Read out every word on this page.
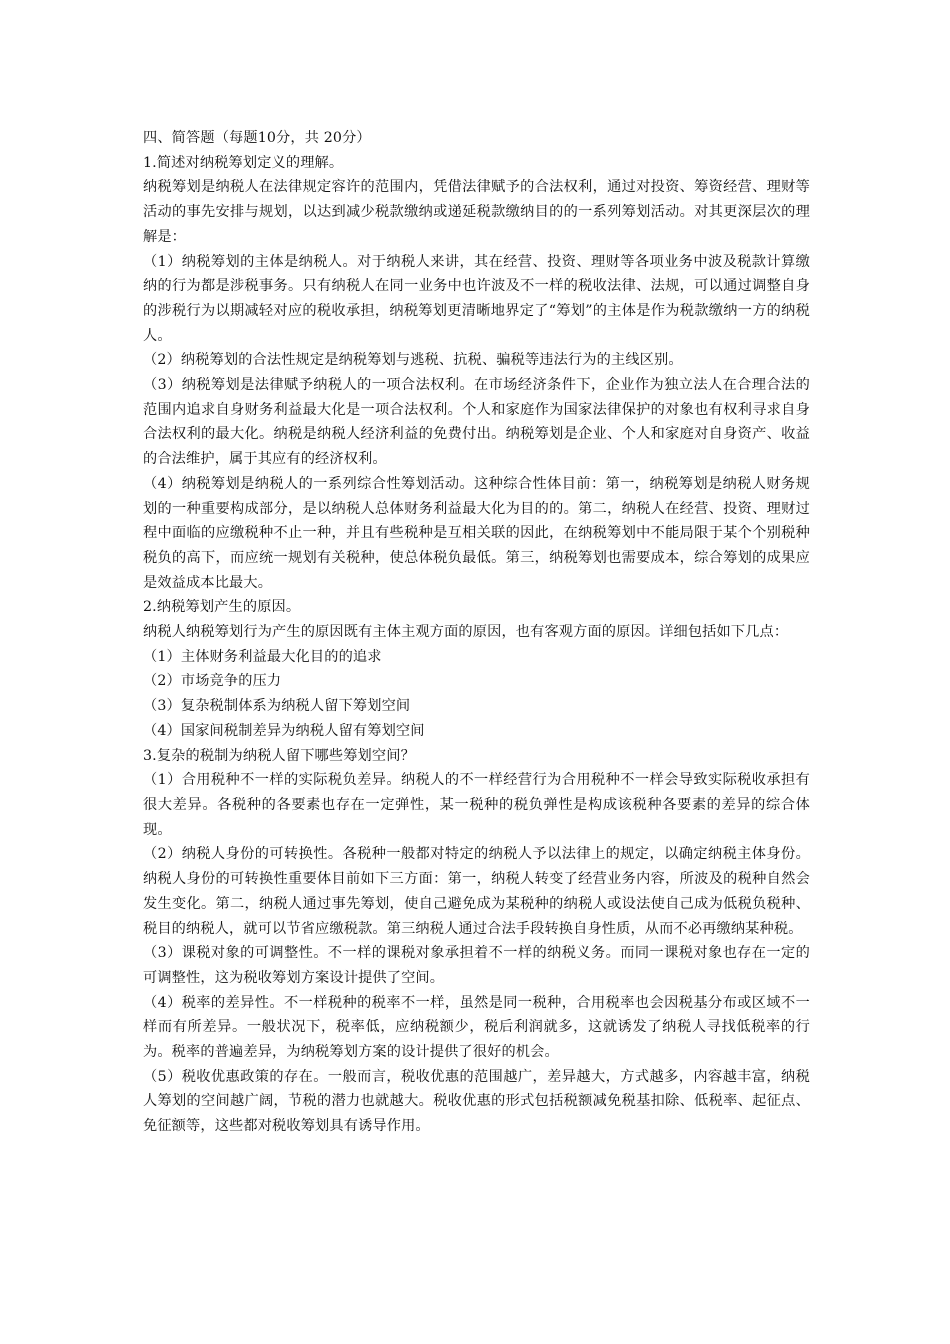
四、简答题（每题10分，共 20分）

1.简述对纳税筹划定义的理解。

纳税筹划是纳税人在法律规定容许的范围内，凭借法律赋予的合法权利，通过对投资、筹资经营、理财等活动的事先安排与规划，以达到减少税款缴纳或递延税款缴纳目的的一系列筹划活动。对其更深层次的理解是：

（1）纳税筹划的主体是纳税人。对于纳税人来讲，其在经营、投资、理财等各项业务中波及税款计算缴纳的行为都是涉税事务。只有纳税人在同一业务中也许波及不一样的税收法律、法规，可以通过调整自身的涉税行为以期减轻对应的税收承担，纳税筹划更清晰地界定了“筹划”的主体是作为税款缴纳一方的纳税人。

（2）纳税筹划的合法性规定是纳税筹划与逃税、抗税、骗税等违法行为的主线区别。

（3）纳税筹划是法律赋予纳税人的一项合法权利。在市场经济条件下，企业作为独立法人在合理合法的范围内追求自身财务利益最大化是一项合法权利。个人和家庭作为国家法律保护的对象也有权利寻求自身合法权利的最大化。纳税是纳税人经济利益的免费付出。纳税筹划是企业、个人和家庭对自身资产、收益的合法维护，属于其应有的经济权利。

（4）纳税筹划是纳税人的一系列综合性筹划活动。这种综合性体目前：第一，纳税筹划是纳税人财务规划的一种重要构成部分，是以纳税人总体财务利益最大化为目的的。第二，纳税人在经营、投资、理财过程中面临的应缴税种不止一种，并且有些税种是互相关联的因此，在纳税筹划中不能局限于某个个别税种税负的高下，而应统一规划有关税种，使总体税负最低。第三，纳税筹划也需要成本，综合筹划的成果应是效益成本比最大。

2.纳税筹划产生的原因。

纳税人纳税筹划行为产生的原因既有主体主观方面的原因，也有客观方面的原因。详细包括如下几点：

（1）主体财务利益最大化目的的追求

（2）市场竞争的压力

（3）复杂税制体系为纳税人留下筹划空间

（4）国家间税制差异为纳税人留有筹划空间

3.复杂的税制为纳税人留下哪些筹划空间？

（1）合用税种不一样的实际税负差异。纳税人的不一样经营行为合用税种不一样会导致实际税收承担有很大差异。各税种的各要素也存在一定弹性，某一税种的税负弹性是构成该税种各要素的差异的综合体现。

（2）纳税人身份的可转换性。各税种一般都对特定的纳税人予以法律上的规定，以确定纳税主体身份。纳税人身份的可转换性重要体目前如下三方面：第一，纳税人转变了经营业务内容，所波及的税种自然会发生变化。第二，纳税人通过事先筹划，使自己避免成为某税种的纳税人或设法使自己成为低税负税种、税目的纳税人，就可以节省应缴税款。第三纳税人通过合法手段转换自身性质，从而不必再缴纳某种税。

（3）课税对象的可调整性。不一样的课税对象承担着不一样的纳税义务。而同一课税对象也存在一定的可调整性，这为税收筹划方案设计提供了空间。

（4）税率的差异性。不一样税种的税率不一样，虽然是同一税种，合用税率也会因税基分布或区域不一样而有所差异。一般状况下，税率低，应纳税额少，税后利润就多，这就诱发了纳税人寻找低税率的行为。税率的普遍差异，为纳税筹划方案的设计提供了很好的机会。

（5）税收优惠政策的存在。一般而言，税收优惠的范围越广，差异越大，方式越多，内容越丰富，纳税人筹划的空间越广阔，节税的潜力也就越大。税收优惠的形式包括税额减免税基扣除、低税率、起征点、免征额等，这些都对税收筹划具有诱导作用。
